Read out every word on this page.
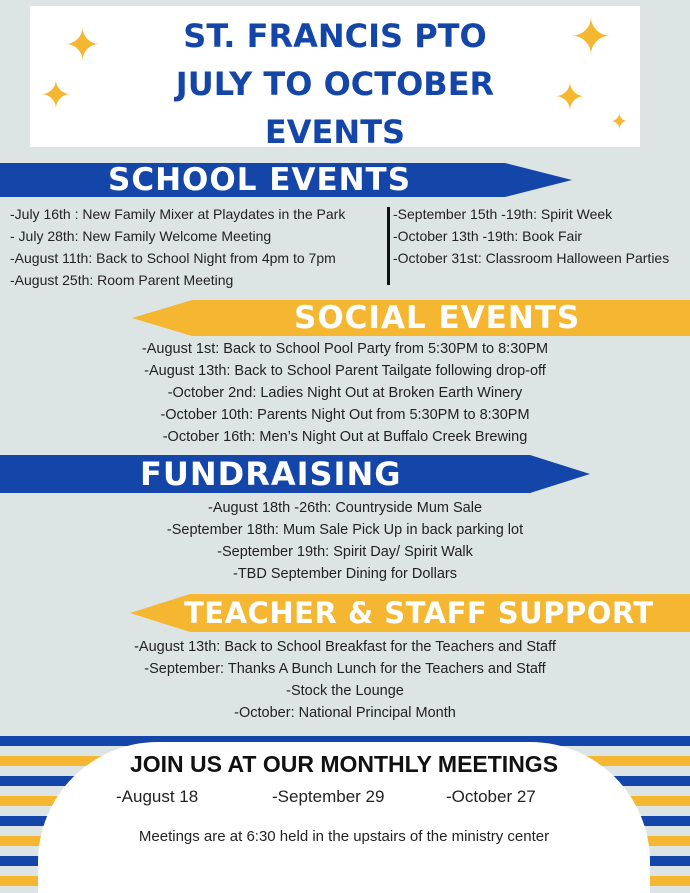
✦
✦
✦
✦
✦
ST. FRANCIS PTO
JULY TO OCTOBER
EVENTS
SCHOOL EVENTS
-July 16th : New Family Mixer at Playdates in the Park
- July 28th: New Family Welcome Meeting
-August 11th: Back to School Night from 4pm to 7pm
-August 25th: Room Parent Meeting
-September 15th -19th: Spirit Week
-October 13th -19th: Book Fair
-October 31st: Classroom Halloween Parties
SOCIAL EVENTS
-August 1st: Back to School Pool Party from 5:30PM to 8:30PM
-August 13th: Back to School Parent Tailgate following drop-off
-October 2nd: Ladies Night Out at Broken Earth Winery
-October 10th: Parents Night Out from 5:30PM to 8:30PM
-October 16th: Men’s Night Out at Buffalo Creek Brewing
FUNDRAISING
-August 18th -26th: Countryside Mum Sale
-September 18th: Mum Sale Pick Up in back parking lot
-September 19th: Spirit Day/ Spirit Walk
-TBD September Dining for Dollars
TEACHER & STAFF SUPPORT
-August 13th: Back to School Breakfast for the Teachers and Staff
-September: Thanks A Bunch Lunch for the Teachers and Staff
-Stock the Lounge
-October: National Principal Month
JOIN US AT OUR MONTHLY MEETINGS
-August 18	-September 29	-October 27

Meetings are at 6:30 held in the upstairs of the ministry center
